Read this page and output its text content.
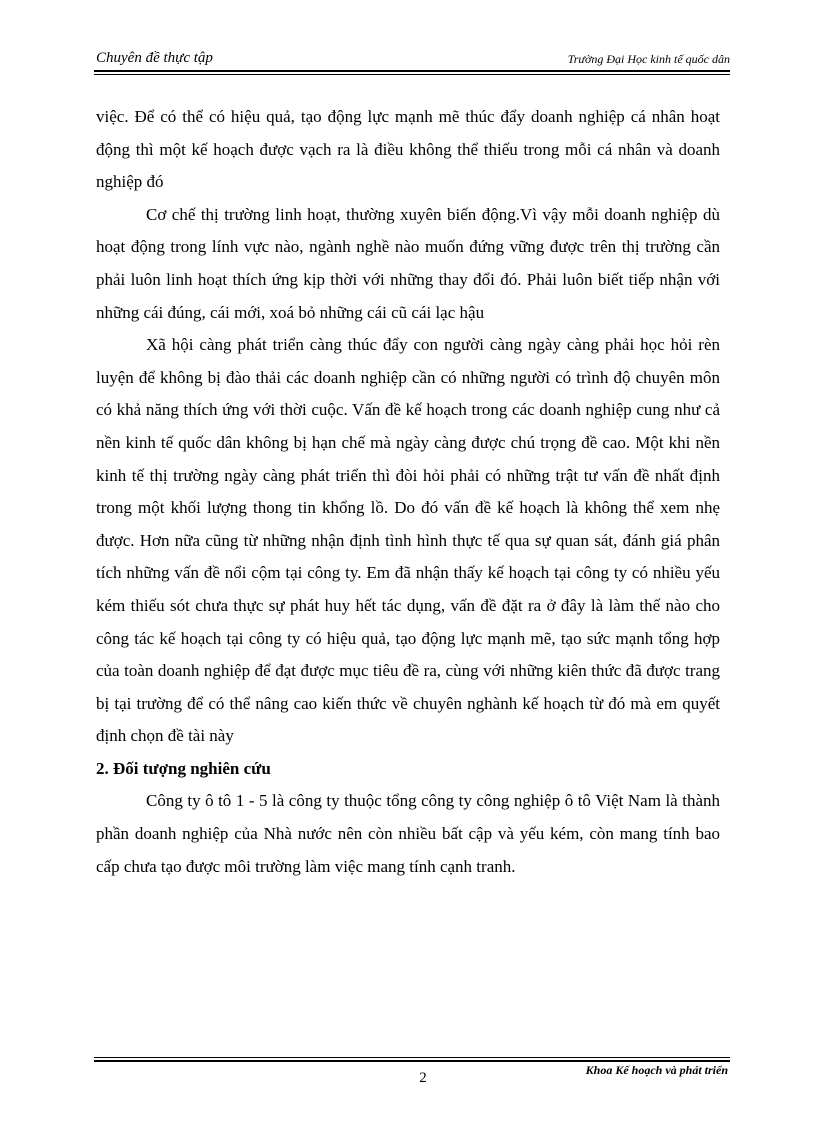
Chuyên đề thực tập	Trường Đại Học kinh tế quốc dân

việc. Để có thể có hiệu quả, tạo động lực mạnh mẽ thúc đẩy doanh nghiệp cá nhân hoạt động thì một kế hoạch được vạch ra là điều không thể thiếu trong mỗi cá nhân và doanh nghiệp đó

Cơ chế thị trường linh hoạt, thường xuyên biến động.Vì vậy mỗi doanh nghiệp dù hoạt động trong lính vực nào, ngành nghề nào muốn đứng vững được trên thị trường cần phải luôn linh hoạt thích ứng kịp thời với những thay đổi đó. Phải luôn biết tiếp nhận với những cái đúng, cái mới, xoá bỏ những cái cũ cái lạc hậu

Xã hội càng phát triển càng thúc đẩy con người càng ngày càng phải học hỏi rèn luyện để không bị đào thải các doanh nghiệp cần có những người có trình độ chuyên môn có khả năng thích ứng với thời cuộc. Vấn đề kế hoạch trong các doanh nghiệp cung như cả nền kinh tế quốc dân không bị hạn chế mà ngày càng được chú trọng đề cao. Một khi nền kinh tế thị trường ngày càng phát triển thì đòi hỏi phải có những trật tư vấn đề nhất định trong một khối lượng thong tin khổng lồ. Do đó vấn đề kế hoạch là không thể xem nhẹ được. Hơn nữa cũng từ những nhận định tình hình thực tế qua sự quan sát, đánh giá phân tích những vấn đề nổi cộm tại công ty. Em đã nhận thấy kế hoạch tại công ty có nhiều yếu kém thiếu sót chưa thực sự phát huy hết tác dụng, vấn đề đặt ra ở đây là làm thế nào cho công tác kế hoạch tại công ty có hiệu quả, tạo động lực mạnh mẽ, tạo sức mạnh tổng hợp của toàn doanh nghiệp để đạt được mục tiêu đề ra, cùng với những kiên thức đã được trang bị tại trường để có thể nâng cao kiến thức về chuyên nghành kế hoạch từ đó mà em quyết định chọn đề tài này

2. Đối tượng nghiên cứu

Công ty ô tô 1 - 5 là công ty thuộc tổng công ty công nghiệp ô tô Việt Nam là thành phần doanh nghiệp của Nhà nước nên còn nhiều bất cập và yếu kém, còn mang tính bao cấp chưa tạo được môi trường làm việc mang tính cạnh tranh.

2	Khoa Kế hoạch và phát triển
